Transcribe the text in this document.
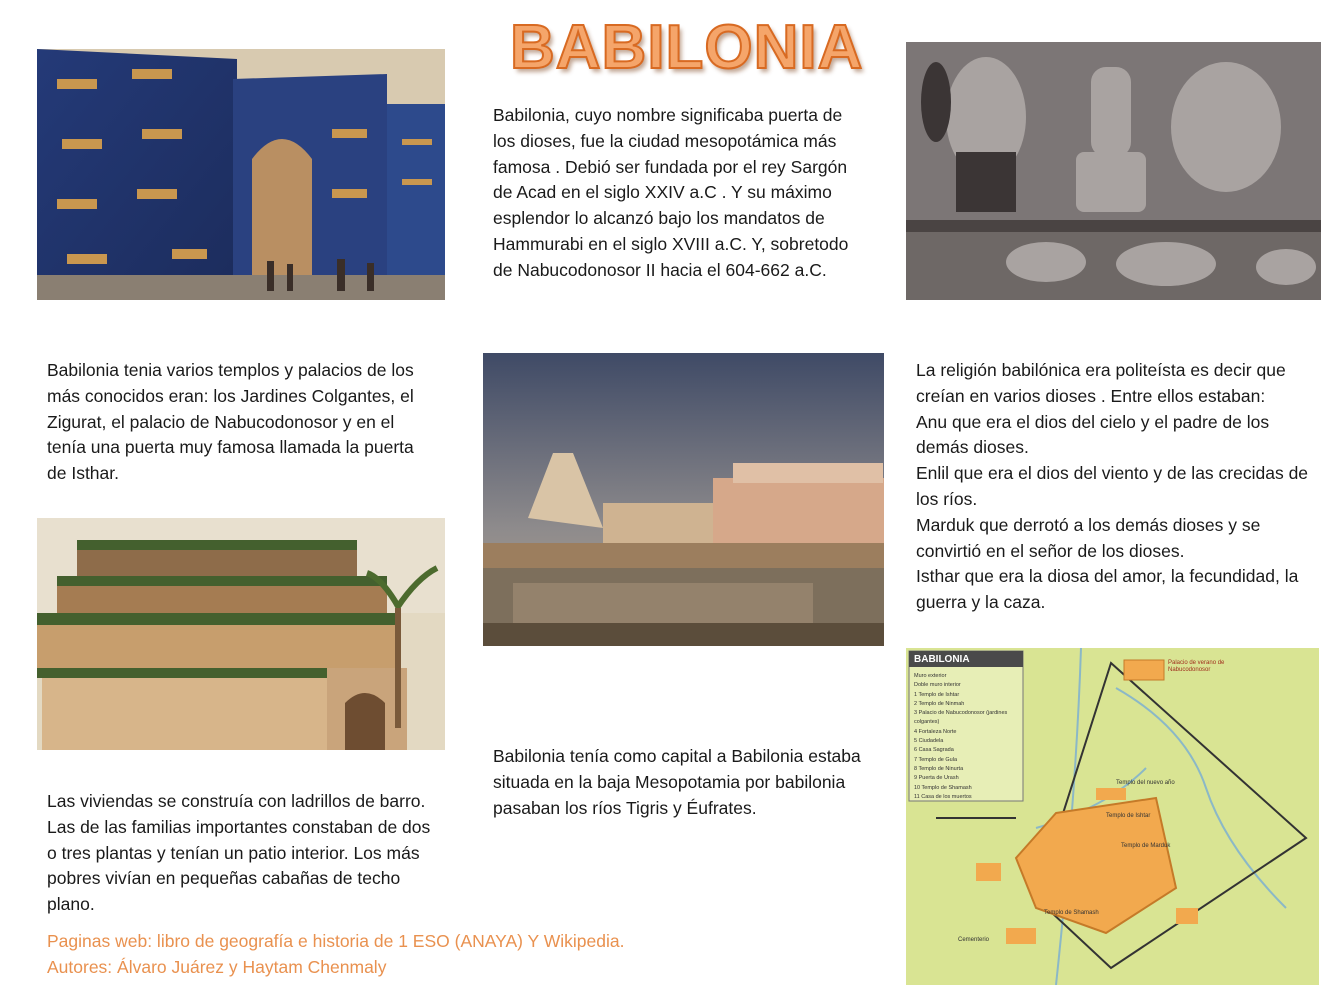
BABILONIA
Babilonia, cuyo nombre significaba puerta de los dioses, fue la ciudad mesopotámica más famosa . Debió ser fundada por el rey Sargón de Acad en el siglo XXIV a.C . Y su máximo esplendor lo alcanzó bajo los mandatos de Hammurabi en el siglo XVIII a.C. Y, sobretodo de Nabucodonosor II hacia el 604-662 a.C.
Babilonia tenia varios templos y palacios de los más conocidos eran: los Jardines Colgantes, el Zigurat, el palacio de Nabucodonosor y en el tenía una puerta muy famosa llamada la puerta de Isthar.
La religión babilónica era politeísta es decir que creían en varios dioses . Entre ellos estaban:
Anu que era el dios del cielo y el padre de los demás dioses.
Enlil que era el dios del viento y de las crecidas de los ríos.
Marduk que derrotó a los demás dioses y se convirtió en el señor de los dioses.
Isthar que era la diosa del amor, la fecundidad, la guerra y la caza.
Babilonia tenía como capital a Babilonia estaba situada en la baja Mesopotamia por babilonia pasaban los ríos Tigris y Éufrates.
Las viviendas se construía con ladrillos de barro. Las de las familias importantes constaban de dos o tres plantas y tenían un patio interior. Los más pobres vivían en pequeñas cabañas de techo plano.
Paginas web: libro de geografía e historia de 1 ESO (ANAYA) Y Wikipedia.
Autores: Álvaro Juárez y Haytam Chenmaly
BABILONIA
Muro exterior
Doble muro interior
1 Templo de Ishtar
2 Templo de Ninmah
3 Palacio de Nabucodonosor (jardines colgantes)
4 Fortaleza Norte
5 Ciudadela
6 Casa Sagrada
7 Templo de Gula
8 Templo de Ninurta
9 Puerta de Urash
10 Templo de Shamash
11 Casa de los muertos
Palacio de verano de Nabucodonosor
Templo del nuevo año
Templo de Marduk
Templo de Ishtar
Templo de Shamash
Cementerio
